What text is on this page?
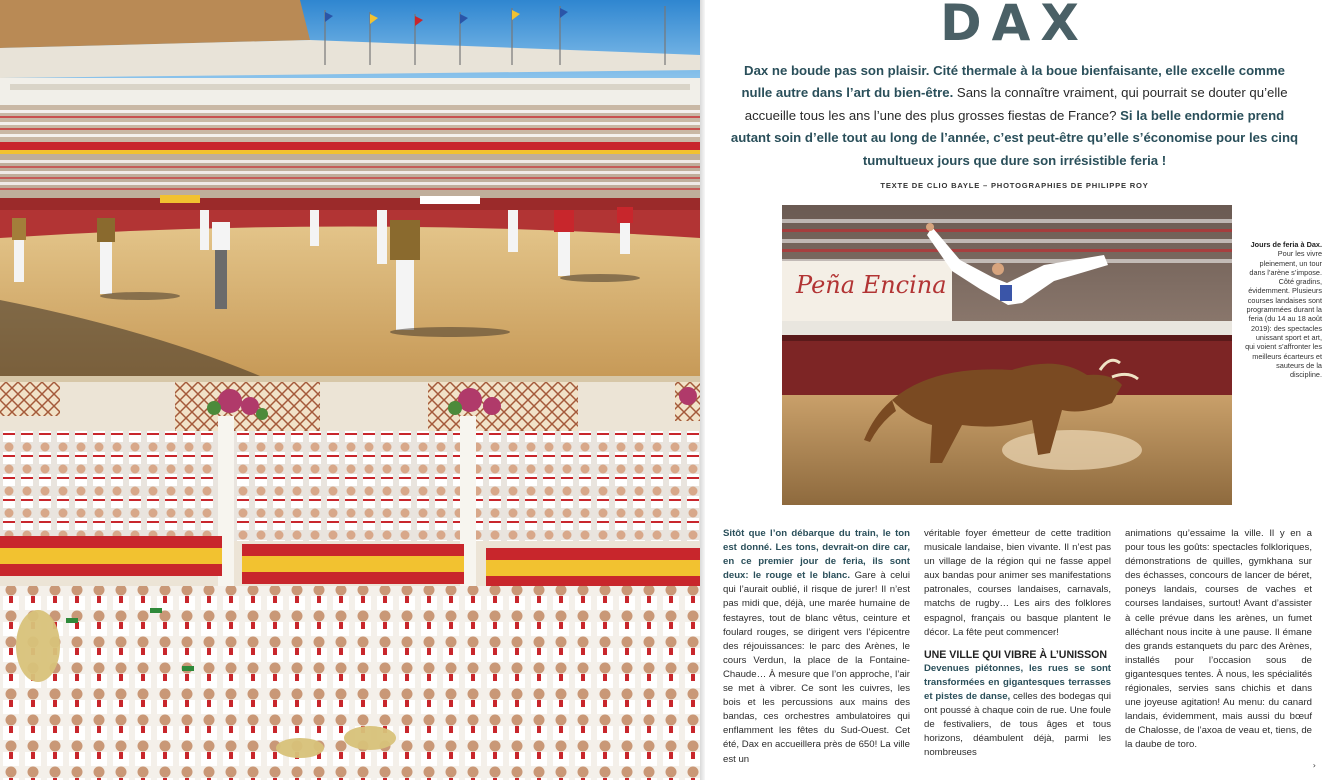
DAX
Dax ne boude pas son plaisir. Cité thermale à la boue bienfaisante, elle excelle comme nulle autre dans l’art du bien-être. Sans la connaître vraiment, qui pourrait se douter qu’elle accueille tous les ans l’une des plus grosses fiestas de France? Si la belle endormie prend autant soin d’elle tout au long de l’année, c’est peut-être qu’elle s’économise pour les cinq tumultueux jours que dure son irrésistible feria !
TEXTE DE CLIO BAYLE – PHOTOGRAPHIES DE PHILIPPE ROY
Peña Encina
Jours de feria à Dax. Pour les vivre pleinement, un tour dans l’arène s’impose. Côté gradins, évidemment. Plusieurs courses landaises sont programmées durant la feria (du 14 au 18 août 2019): des spectacles unissant sport et art, qui voient s’affronter les meilleurs écarteurs et sauteurs de la discipline.
Sitôt que l’on débarque du train, le ton est donné. Les tons, devrait-on dire car, en ce premier jour de feria, ils sont deux: le rouge et le blanc. Gare à celui qui l’aurait oublié, il risque de jurer! Il n’est pas midi que, déjà, une marée humaine de festayres, tout de blanc vêtus, ceinture et foulard rouges, se dirigent vers l’épicentre des réjouissances: le parc des Arènes, le cours Verdun, la place de la Fontaine-Chaude… À mesure que l’on approche, l’air se met à vibrer. Ce sont les cuivres, les bois et les percussions aux mains des bandas, ces orchestres ambulatoires qui enflamment les fêtes du Sud-Ouest. Cet été, Dax en accueillera près de 650! La ville est un
véritable foyer émetteur de cette tradition musicale landaise, bien vivante. Il n’est pas un village de la région qui ne fasse appel aux bandas pour animer ses manifestations patronales, courses landaises, carnavals, matchs de rugby… Les airs des folklores espagnol, français ou basque plantent le décor. La fête peut commencer!
UNE VILLE QUI VIBRE À L’UNISSON
Devenues piétonnes, les rues se sont transformées en gigantesques terrasses et pistes de danse, celles des bodegas qui ont poussé à chaque coin de rue. Une foule de festivaliers, de tous âges et tous horizons, déambulent déjà, parmi les nombreuses
animations qu’essaime la ville. Il y en a pour tous les goûts: spectacles folkloriques, démonstrations de quilles, gymkhana sur des échasses, concours de lancer de béret, poneys landais, courses de vaches et courses landaises, surtout! Avant d’assister à celle prévue dans les arènes, un fumet alléchant nous incite à une pause. Il émane des grands estanquets du parc des Arènes, installés pour l’occasion sous de gigantesques tentes. À nous, les spécialités régionales, servies sans chichis et dans une joyeuse agitation! Au menu: du canard landais, évidemment, mais aussi du bœuf de Chalosse, de l’axoa de veau et, tiens, de la daube de toro.
›
